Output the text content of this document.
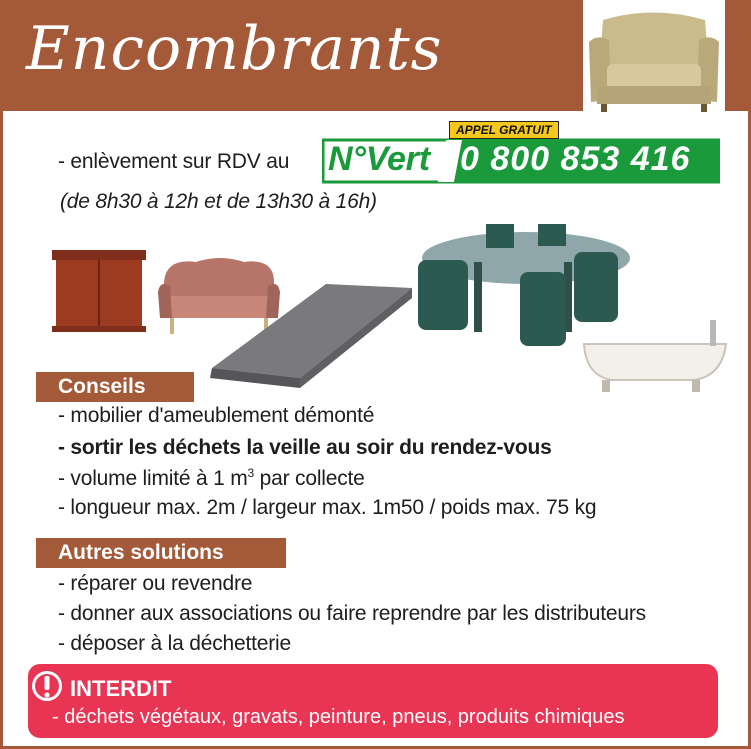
Encombrants
- enlèvement sur RDV au
(de 8h30 à 12h et de 13h30 à 16h)
N°Vert 0 800 853 416
APPEL GRATUIT
Conseils
- mobilier d'ameublement démonté
- sortir les déchets la veille au soir du rendez-vous
- volume limité à 1 $m^3$ par collecte
- longueur max. 2m / largeur max. 1m50 / poids max. 75 kg
Autres solutions
- réparer ou revendre
- donner aux associations ou faire reprendre par les distributeurs
- déposer à la déchetterie
INTERDIT
- déchets végétaux, gravats, peinture, pneus, produits chimiques
